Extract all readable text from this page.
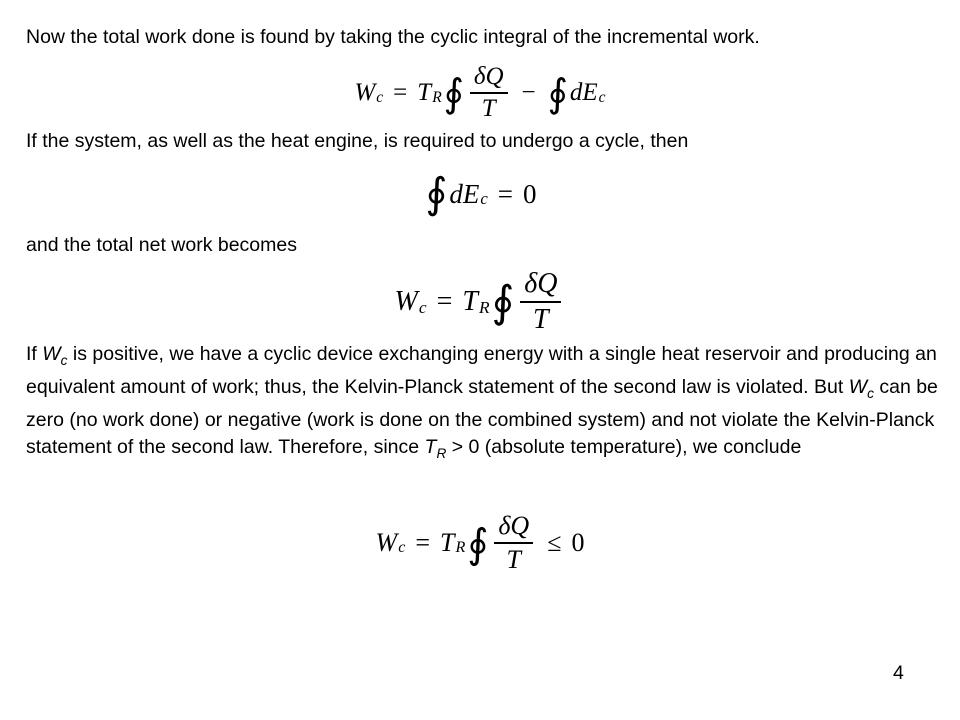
Now the total work done is found by taking the cyclic integral of the incremental work.

W c = T R ∮ $\frac{\delta Q}{T}$ − ∮ dE c

If the system, as well as the heat engine, is required to undergo a cycle, then

∮ dE c = 0

and the total net work becomes

W c = T R ∮ $\frac{\delta Q}{T}$

If $W_c$ is positive, we have a cyclic device exchanging energy with a single heat reservoir and producing an equivalent amount of work; thus, the Kelvin-Planck statement of the second law is violated. But $W_c$ can be zero (no work done) or negative (work is done on the combined system) and not violate the Kelvin-Planck statement of the second law. Therefore, since $T_R > 0$ (absolute temperature), we conclude

W c = T R ∮ $\frac{\delta Q}{T} \le 0$
4
